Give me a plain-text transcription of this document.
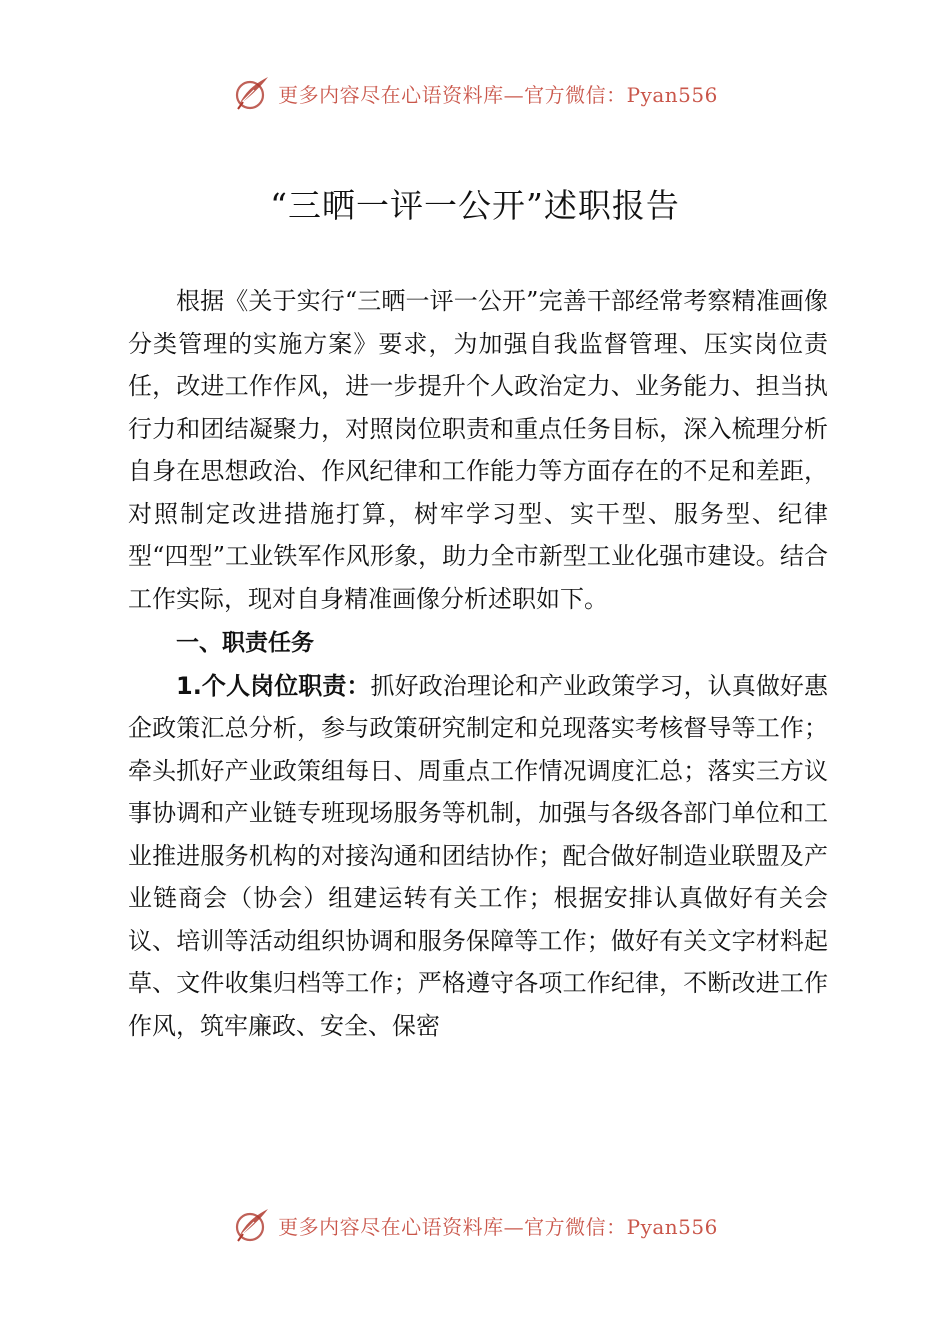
更多内容尽在心语资料库—官方微信：Pyan556
“三晒一评一公开”述职报告

根据《关于实行“三晒一评一公开”完善干部经常考察精准画像分类管理的实施方案》要求，为加强自我监督管理、压实岗位责任，改进工作作风，进一步提升个人政治定力、业务能力、担当执行力和团结凝聚力，对照岗位职责和重点任务目标，深入梳理分析自身在思想政治、作风纪律和工作能力等方面存在的不足和差距，对照制定改进措施打算，树牢学习型、实干型、服务型、纪律型“四型”工业铁军作风形象，助力全市新型工业化强市建设。结合工作实际，现对自身精准画像分析述职如下。

一、职责任务

1.个人岗位职责：抓好政治理论和产业政策学习，认真做好惠企政策汇总分析，参与政策研究制定和兑现落实考核督导等工作；牵头抓好产业政策组每日、周重点工作情况调度汇总；落实三方议事协调和产业链专班现场服务等机制，加强与各级各部门单位和工业推进服务机构的对接沟通和团结协作；配合做好制造业联盟及产业链商会（协会）组建运转有关工作；根据安排认真做好有关会议、培训等活动组织协调和服务保障等工作；做好有关文字材料起草、文件收集归档等工作；严格遵守各项工作纪律，不断改进工作作风，筑牢廉政、安全、保密

更多内容尽在心语资料库—官方微信：Pyan556
